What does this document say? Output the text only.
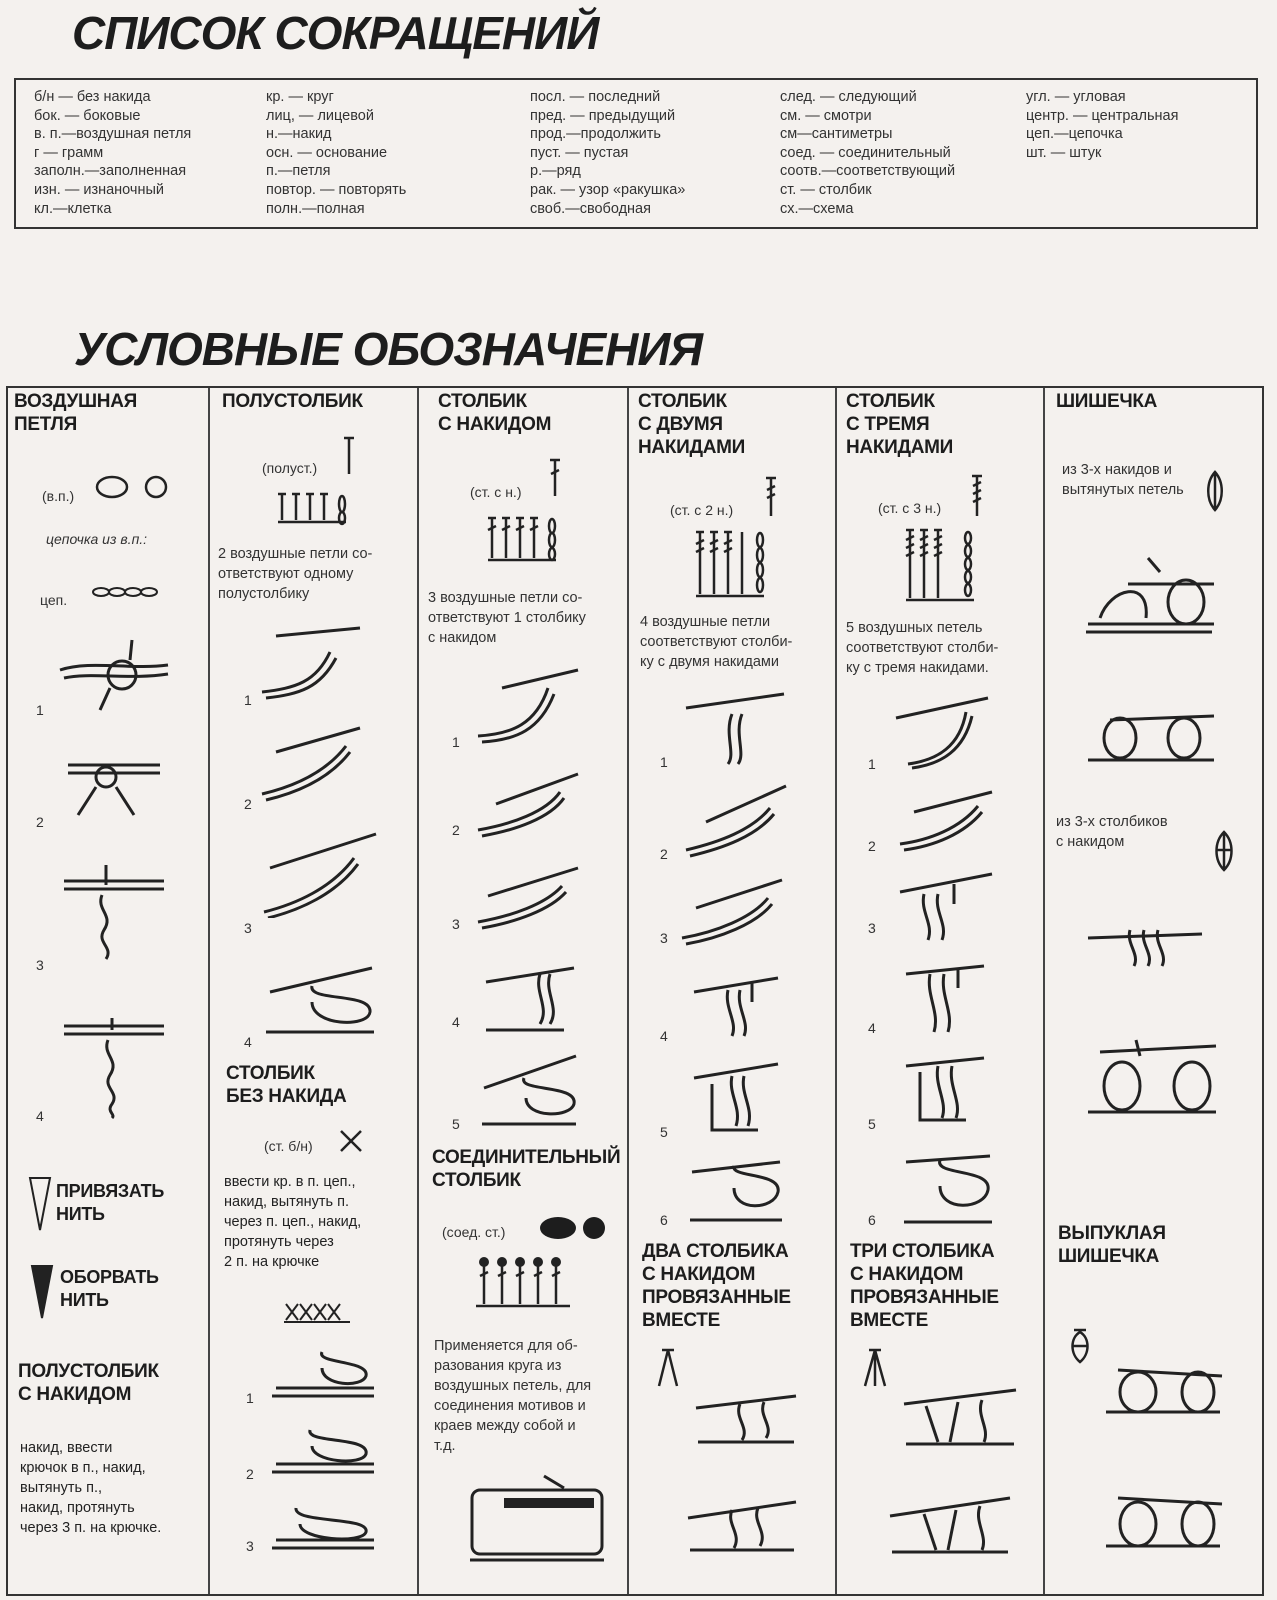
СПИСОК СОКРАЩЕНИЙ
б/н — без накида
бок. — боковые
в. п.—воздушная петля
г — грамм
заполн.—заполненная
изн. — изнаночный
кл.—клетка
кр. — круг
лиц, — лицевой
н.—накид
осн. — основание
п.—петля
повтор. — повторять
полн.—полная
посл. — последний
пред. — предыдущий
прод.—продолжить
пуст. — пустая
р.—ряд
рак. — узор «ракушка»
своб.—свободная
след. — следующий
см. — смотри
см—сантиметры
соед. — соединительный
соотв.—соответствующий
ст. — столбик
сх.—схема
угл. — угловая
центр. — центральная
цеп.—цепочка
шт. — штук
УСЛОВНЫЕ ОБОЗНАЧЕНИЯ
ВОЗДУШНАЯ
ПЕТЛЯ
(в.п.)
цепочка из в.п.:
цеп.
1
2
3
4
ПРИВЯЗАТЬ
НИТЬ
ОБОРВАТЬ
НИТЬ
ПОЛУСТОЛБИК
С НАКИДОМ
накид, ввести
крючок в п., накид,
вытянуть п.,
накид, протянуть
через 3 п. на крючке.
ПОЛУСТОЛБИК
(полуст.)
2 воздушные петли со-
ответствуют одному
полустолбику
1
2
3
4
СТОЛБИК
БЕЗ НАКИДА
(ст. б/н)
ввести кр. в п. цеп.,
накид, вытянуть п.
через п. цеп., накид,
протянуть через
2 п. на крючке
1
2
3
СТОЛБИК
С НАКИДОМ
(ст. с н.)
3 воздушные петли со-
ответствуют 1 столбику
с накидом
1
2
3
4
5
СОЕДИНИТЕЛЬНЫЙ
СТОЛБИК
(соед. ст.)
Применяется для об-
разования круга из
воздушных петель, для
соединения мотивов и
краев между собой и
т.д.
СТОЛБИК
С ДВУМЯ
НАКИДАМИ
(ст. с 2 н.)
4 воздушные петли
соответствуют столби-
ку с двумя накидами
1
2
3
4
5
6
ДВА СТОЛБИКА
С НАКИДОМ
ПРОВЯЗАННЫЕ
ВМЕСТЕ
СТОЛБИК
С ТРЕМЯ
НАКИДАМИ
(ст. с 3 н.)
5 воздушных петель
соответствуют столби-
ку с тремя накидами.
1
2
3
4
5
6
ТРИ СТОЛБИКА
С НАКИДОМ
ПРОВЯЗАННЫЕ
ВМЕСТЕ
ШИШЕЧКА
из 3-х накидов и
вытянутых петель
из 3-х столбиков
с накидом
ВЫПУКЛАЯ
ШИШЕЧКА
